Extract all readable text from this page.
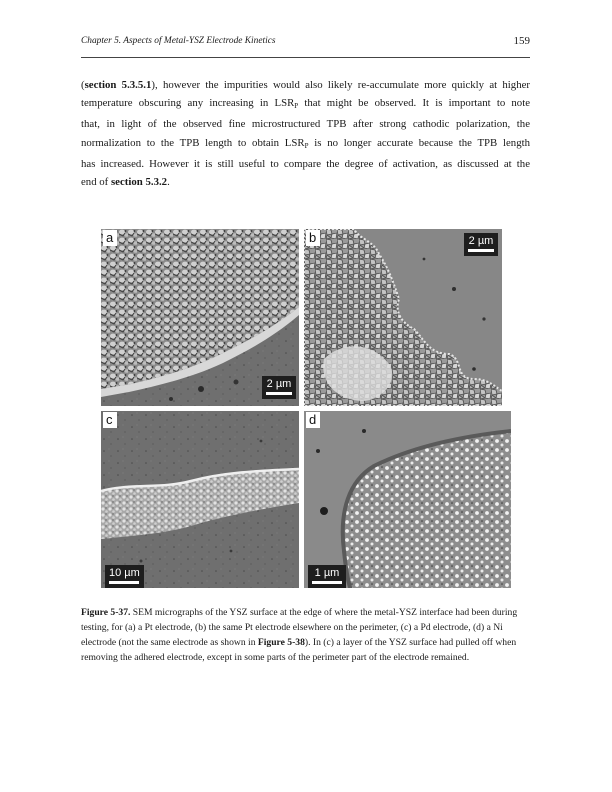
Chapter 5. Aspects of Metal-YSZ Electrode Kinetics	159

(section 5.3.5.1), however the impurities would also likely re-accumulate more quickly at higher
temperature obscuring any increasing in $LSR_P$ that might be observed. It is important to note
that, in light of the observed fine microstructured TPB after strong cathodic polarization, the
normalization to the TPB length to obtain $LSR_P$ is no longer accurate because the TPB length
has increased. However it is still useful to compare the degree of activation, as discussed at the
end of section 5.3.2.

a
2 µm
b	2 µm
c
10 µm
d
1 µm

Figure 5-37. SEM micrographs of the YSZ surface at the edge of where the metal-YSZ interface had been during testing, for (a) a Pt electrode, (b) the same Pt electrode elsewhere on the perimeter, (c) a Pd electrode, (d) a Ni electrode (not the same electrode as shown in Figure 5-38). In (c) a layer of the YSZ surface had pulled off when removing the adhered electrode, except in some parts of the perimeter part of the electrode remained.
